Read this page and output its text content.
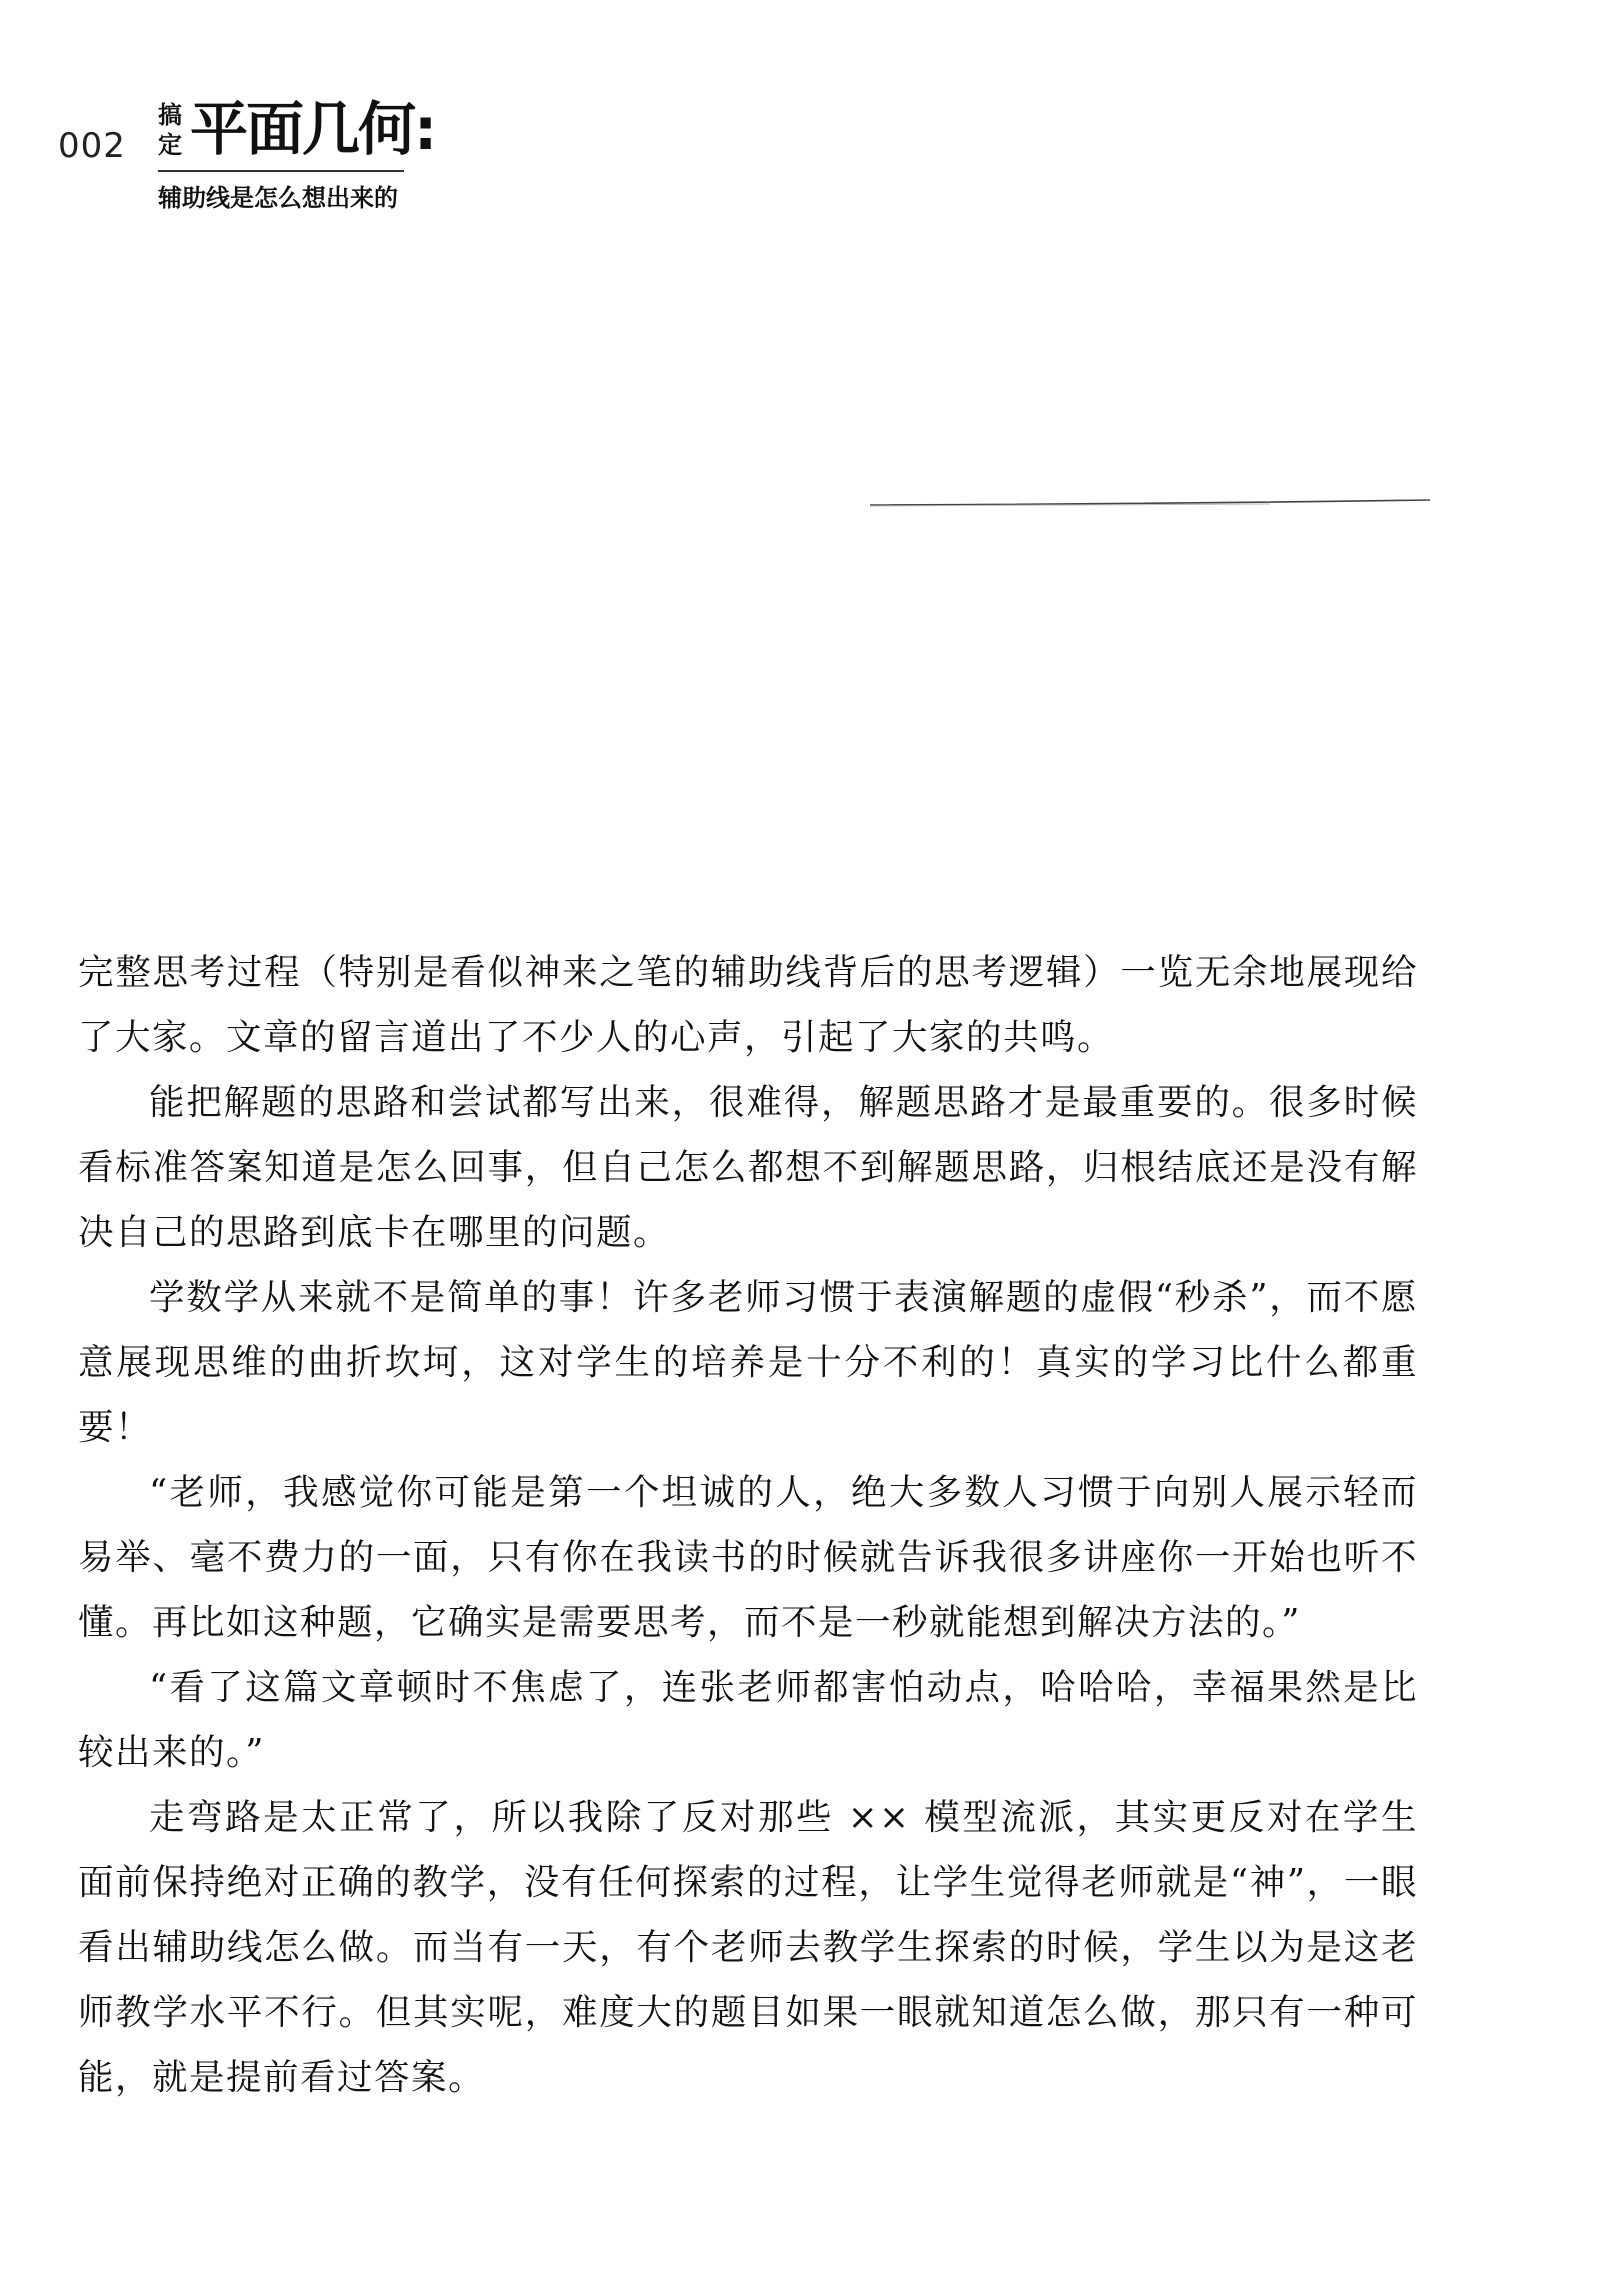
002
搞定 平面几何:
辅助线是怎么想出来的

完整思考过程（特别是看似神来之笔的辅助线背后的思考逻辑）一览无余地展现给了大家。文章的留言道出了不少人的心声，引起了大家的共鸣。

能把解题的思路和尝试都写出来，很难得，解题思路才是最重要的。很多时候看标准答案知道是怎么回事，但自己怎么都想不到解题思路，归根结底还是没有解决自己的思路到底卡在哪里的问题。

学数学从来就不是简单的事！许多老师习惯于表演解题的虚假“秒杀”，而不愿意展现思维的曲折坎坷，这对学生的培养是十分不利的！真实的学习比什么都重要！

“老师，我感觉你可能是第一个坦诚的人，绝大多数人习惯于向别人展示轻而易举、毫不费力的一面，只有你在我读书的时候就告诉我很多讲座你一开始也听不懂。再比如这种题，它确实是需要思考，而不是一秒就能想到解决方法的。”

“看了这篇文章顿时不焦虑了，连张老师都害怕动点，哈哈哈，幸福果然是比较出来的。”

走弯路是太正常了，所以我除了反对那些 ×× 模型流派，其实更反对在学生面前保持绝对正确的教学，没有任何探索的过程，让学生觉得老师就是“神”，一眼看出辅助线怎么做。而当有一天，有个老师去教学生探索的时候，学生以为是这老师教学水平不行。但其实呢，难度大的题目如果一眼就知道怎么做，那只有一种可能，就是提前看过答案。
